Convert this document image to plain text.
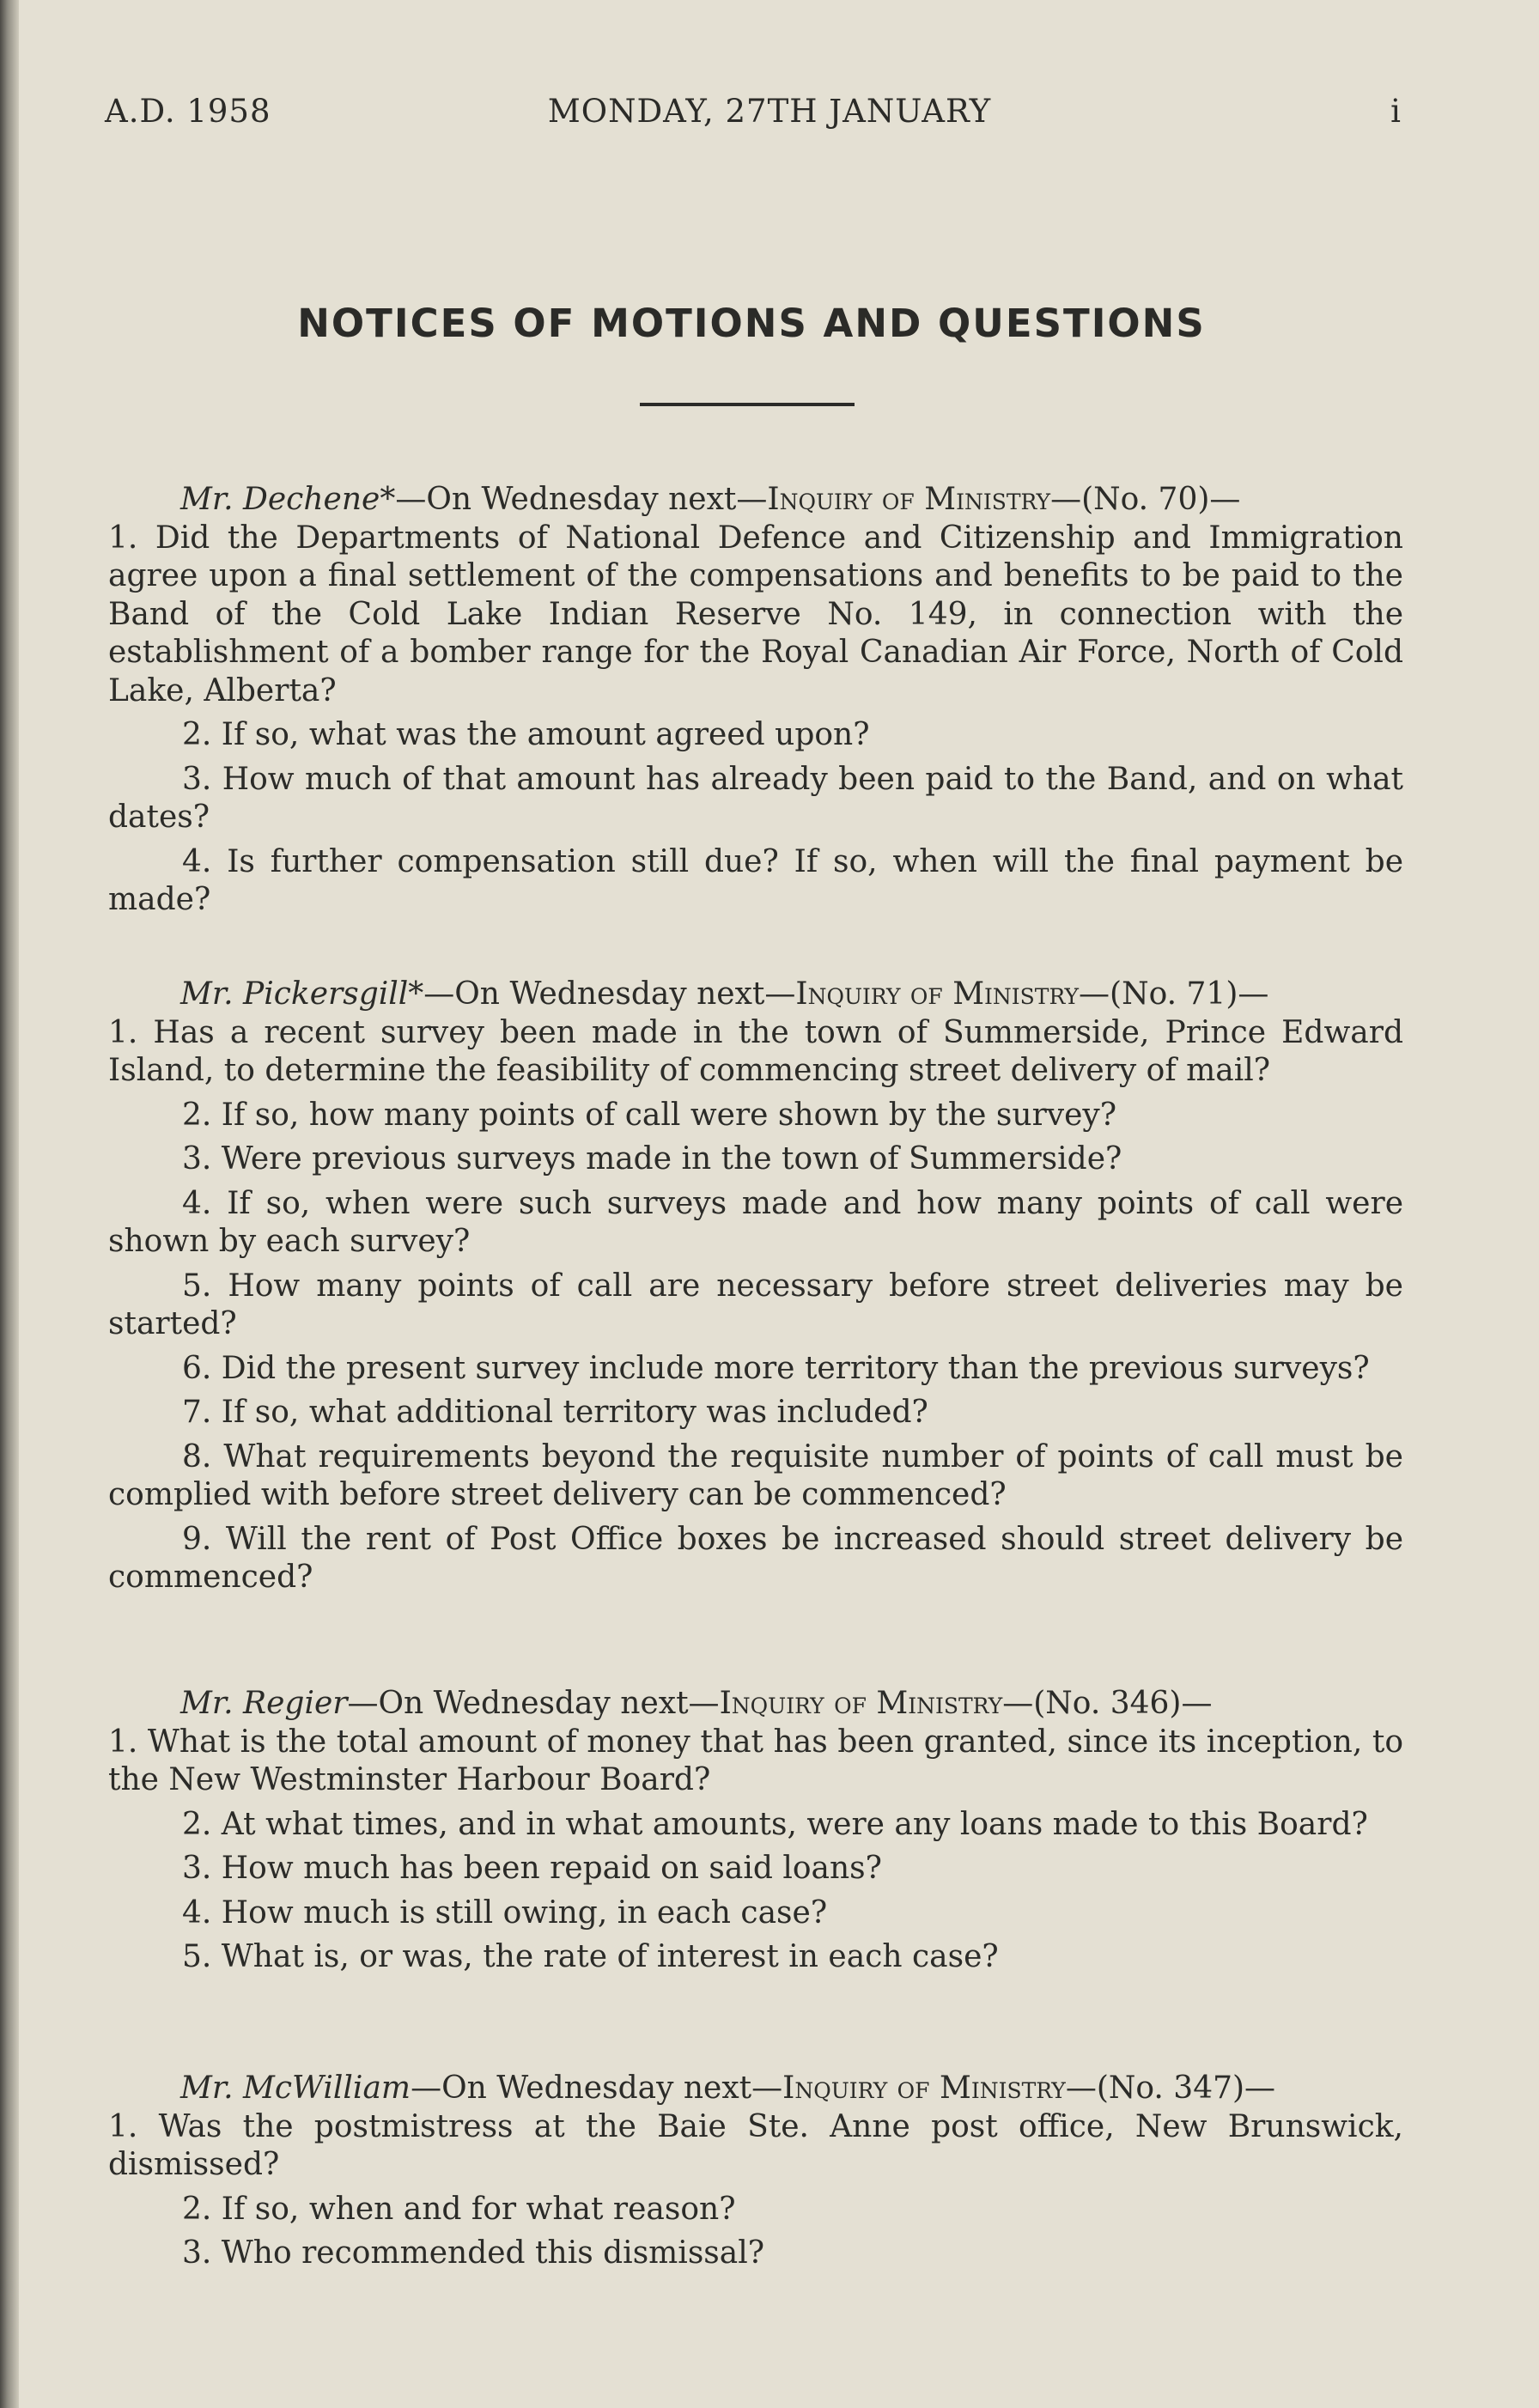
A.D. 1958	MONDAY, 27TH JANUARY	i
NOTICES OF MOTIONS AND QUESTIONS

Mr. Dechene*—On Wednesday next—Inquiry of Ministry—(No. 70)—

1. Did the Departments of National Defence and Citizenship and Immigration agree upon a final settlement of the compensations and benefits to be paid to the Band of the Cold Lake Indian Reserve No. 149, in connection with the establishment of a bomber range for the Royal Canadian Air Force, North of Cold Lake, Alberta?

2. If so, what was the amount agreed upon?

3. How much of that amount has already been paid to the Band, and on what dates?

4. Is further compensation still due? If so, when will the final payment be made?

Mr. Pickersgill*—On Wednesday next—Inquiry of Ministry—(No. 71)—

1. Has a recent survey been made in the town of Summerside, Prince Edward Island, to determine the feasibility of commencing street delivery of mail?

2. If so, how many points of call were shown by the survey?

3. Were previous surveys made in the town of Summerside?

4. If so, when were such surveys made and how many points of call were shown by each survey?

5. How many points of call are necessary before street deliveries may be started?

6. Did the present survey include more territory than the previous surveys?

7. If so, what additional territory was included?

8. What requirements beyond the requisite number of points of call must be complied with before street delivery can be commenced?

9. Will the rent of Post Office boxes be increased should street delivery be commenced?

Mr. Regier—On Wednesday next—Inquiry of Ministry—(No. 346)—

1. What is the total amount of money that has been granted, since its inception, to the New Westminster Harbour Board?

2. At what times, and in what amounts, were any loans made to this Board?

3. How much has been repaid on said loans?

4. How much is still owing, in each case?

5. What is, or was, the rate of interest in each case?

Mr. McWilliam—On Wednesday next—Inquiry of Ministry—(No. 347)—

1. Was the postmistress at the Baie Ste. Anne post office, New Brunswick, dismissed?

2. If so, when and for what reason?

3. Who recommended this dismissal?
